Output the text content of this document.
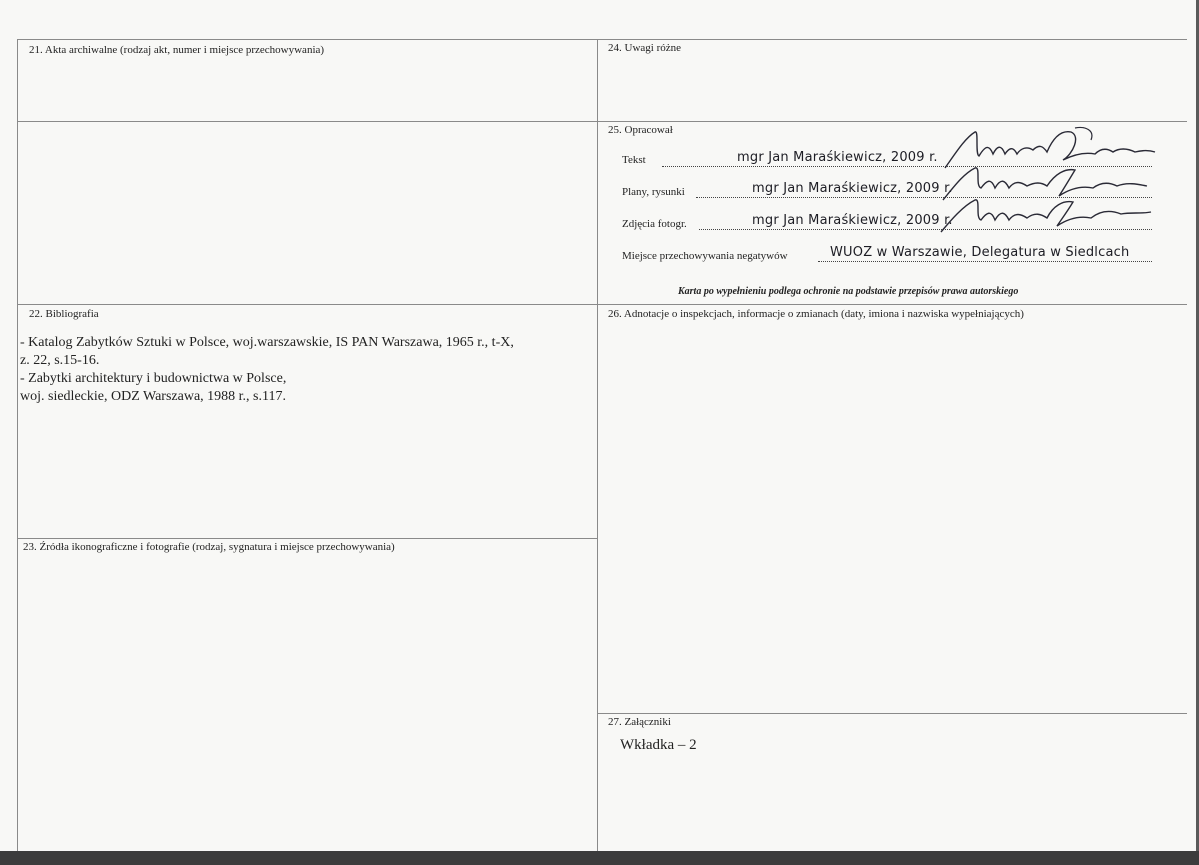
21. Akta archiwalne (rodzaj akt, numer i miejsce przechowywania)	24. Uwagi różne
25. Opracował
Tekst	mgr Jan Maraśkiewicz, 2009 r.
Plany, rysunki	mgr Jan Maraśkiewicz, 2009 r.
Zdjęcia fotogr.	mgr Jan Maraśkiewicz, 2009 r.
Miejsce przechowywania negatywów	WUOZ w Warszawie, Delegatura w Siedlcach
Karta po wypełnieniu podlega ochronie na podstawie przepisów prawa autorskiego
22. Bibliografia
- Katalog Zabytków Sztuki w Polsce, woj.warszawskie, IS PAN Warszawa, 1965 r., t-X,
z. 22, s.15-16.
- Zabytki architektury i budownictwa w Polsce,
woj. siedleckie, ODZ Warszawa, 1988 r., s.117.
26. Adnotacje o inspekcjach, informacje o zmianach (daty, imiona i nazwiska wypełniających)
23. Źródła ikonograficzne i fotografie (rodzaj, sygnatura i miejsce przechowywania)
27. Załączniki
Wkładka – 2
